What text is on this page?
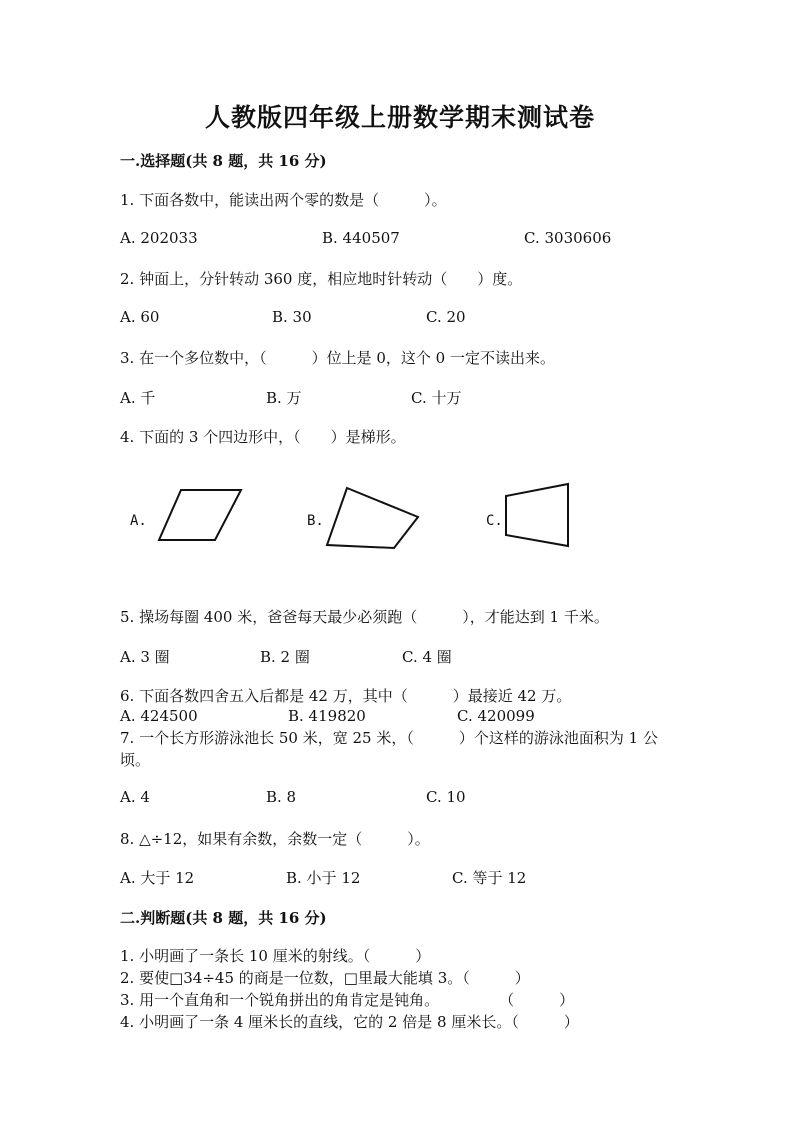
人教版四年级上册数学期末测试卷
一.选择题(共 8 题，共 16 分)
1. 下面各数中，能读出两个零的数是（　　　）。
A. 202033	B. 440507	C. 3030606
2. 钟面上，分针转动 360 度，相应地时针转动（　　）度。
A. 60	B. 30	C. 20
3. 在一个多位数中，（　　　）位上是 0，这个 0 一定不读出来。
A. 千	B. 万	C. 十万
4. 下面的 3 个四边形中，（　　）是梯形。
A.	B.	C.
5. 操场每圈 400 米，爸爸每天最少必须跑（　　　），才能达到 1 千米。
A. 3 圈	B. 2 圈	C. 4 圈
6. 下面各数四舍五入后都是 42 万，其中（　　　）最接近 42 万。
A. 424500	B. 419820	C. 420099
7. 一个长方形游泳池长 50 米，宽 25 米，（　　　）个这样的游泳池面积为 1 公
顷。
A. 4	B. 8	C. 10
8. △÷12，如果有余数，余数一定（　　　）。
A. 大于 12	B. 小于 12	C. 等于 12
二.判断题(共 8 题，共 16 分)
1. 小明画了一条长 10 厘米的射线。（　　　）
2. 要使□34÷45 的商是一位数，□里最大能填 3。（　　　）
3. 用一个直角和一个锐角拼出的角肯定是钝角。　　　　　（　　　）
4. 小明画了一条 4 厘米长的直线，它的 2 倍是 8 厘米长。（　　　）
